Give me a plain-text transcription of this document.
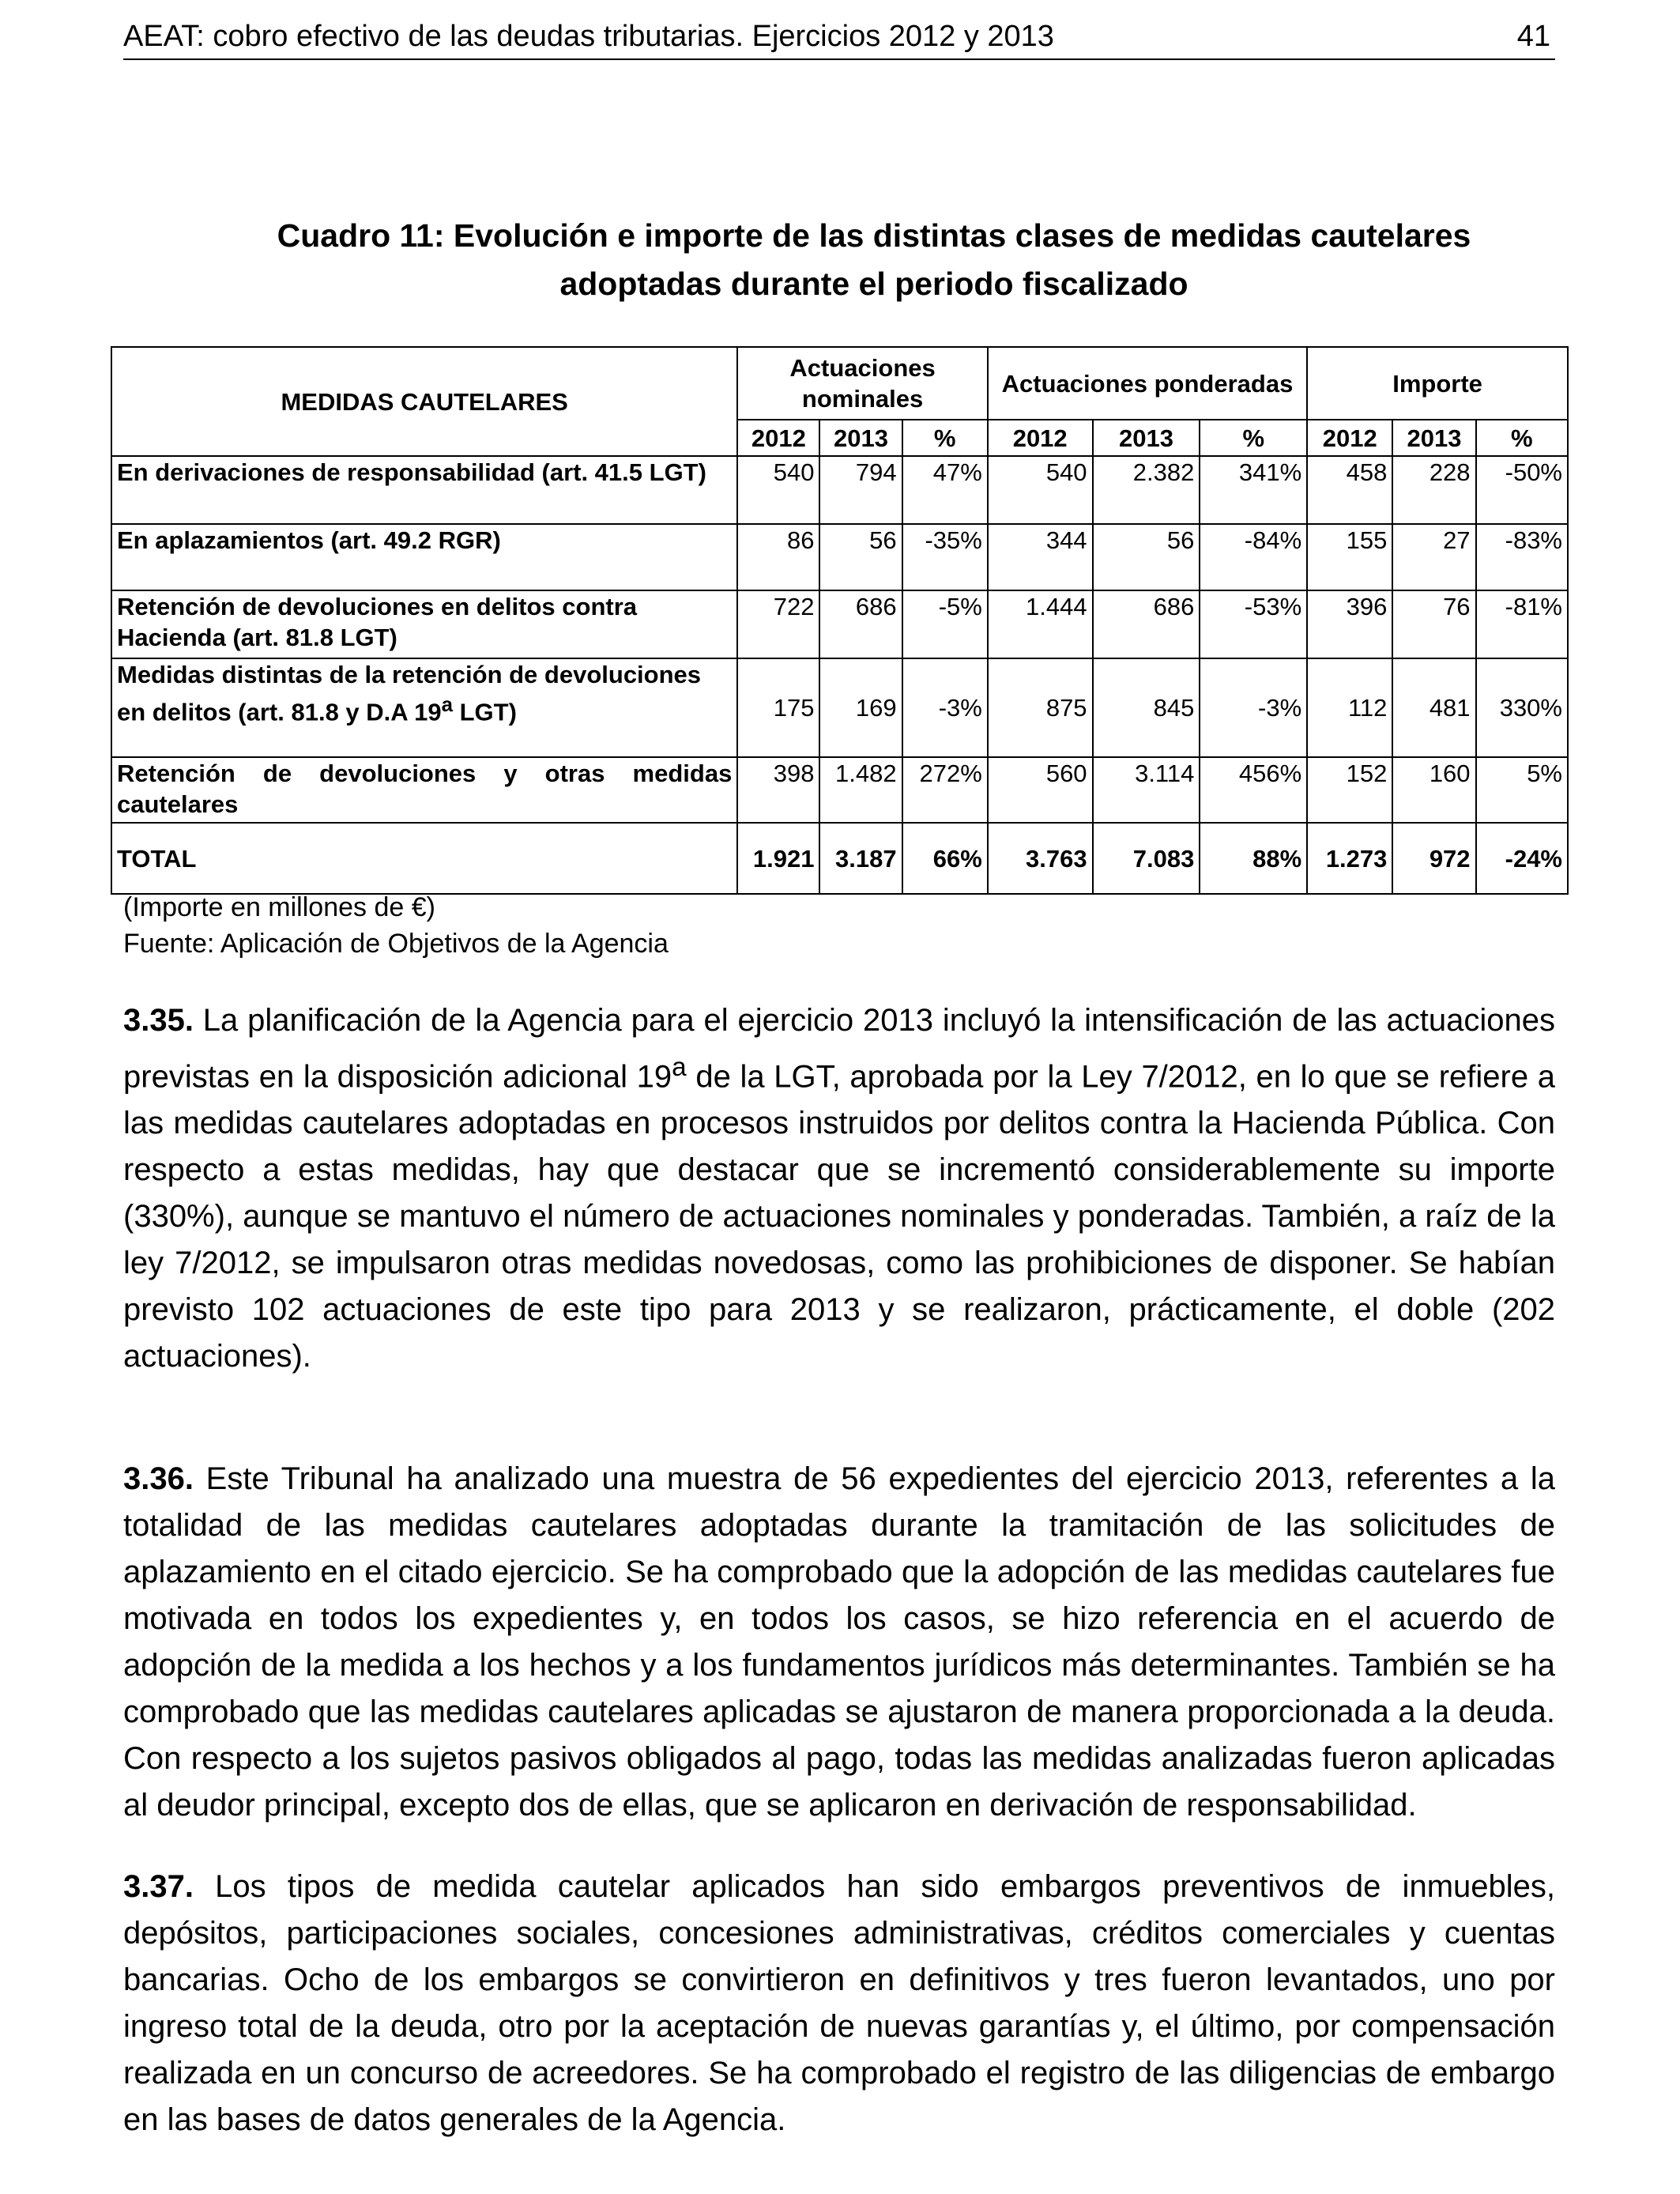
AEAT: cobro efectivo de las deudas tributarias. Ejercicios 2012 y 2013	41
Cuadro 11: Evolución e importe de las distintas clases de medidas cautelares
adoptadas durante el periodo fiscalizado
MEDIDAS CAUTELARES	Actuaciones nominales			Actuaciones ponderadas			Importe		
	2012	2013	%	2012	2013	%	2012	2013	%
En derivaciones de responsabilidad (art. 41.5 LGT)	540	794	47%	540	2.382	341%	458	228	-50%
En aplazamientos (art. 49.2 RGR)	86	56	-35%	344	56	-84%	155	27	-83%
Retención de devoluciones en delitos contra Hacienda (art. 81.8 LGT)	722	686	-5%	1.444	686	-53%	396	76	-81%
Medidas distintas de la retención de devoluciones en delitos (art. 81.8 y D.A 19$^a$ LGT)	175	169	-3%	875	845	-3%	112	481	330%
Retención de devoluciones y otras medidas cautelares	398	1.482	272%	560	3.114	456%	152	160	5%
TOTAL	1.921	3.187	66%	3.763	7.083	88%	1.273	972	-24%
(Importe en millones de €)
Fuente: Aplicación de Objetivos de la Agencia

3.35. La planificación de la Agencia para el ejercicio 2013 incluyó la intensificación de las actuaciones previstas en la disposición adicional 19$^a$ de la LGT, aprobada por la Ley 7/2012, en lo que se refiere a las medidas cautelares adoptadas en procesos instruidos por delitos contra la Hacienda Pública. Con respecto a estas medidas, hay que destacar que se incrementó considerablemente su importe (330%), aunque se mantuvo el número de actuaciones nominales y ponderadas. También, a raíz de la ley 7/2012, se impulsaron otras medidas novedosas, como las prohibiciones de disponer. Se habían previsto 102 actuaciones de este tipo para 2013 y se realizaron, prácticamente, el doble (202 actuaciones).

3.36. Este Tribunal ha analizado una muestra de 56 expedientes del ejercicio 2013, referentes a la totalidad de las medidas cautelares adoptadas durante la tramitación de las solicitudes de aplazamiento en el citado ejercicio. Se ha comprobado que la adopción de las medidas cautelares fue motivada en todos los expedientes y, en todos los casos, se hizo referencia en el acuerdo de adopción de la medida a los hechos y a los fundamentos jurídicos más determinantes. También se ha comprobado que las medidas cautelares aplicadas se ajustaron de manera proporcionada a la deuda. Con respecto a los sujetos pasivos obligados al pago, todas las medidas analizadas fueron aplicadas al deudor principal, excepto dos de ellas, que se aplicaron en derivación de responsabilidad.

3.37. Los tipos de medida cautelar aplicados han sido embargos preventivos de inmuebles, depósitos, participaciones sociales, concesiones administrativas, créditos comerciales y cuentas bancarias. Ocho de los embargos se convirtieron en definitivos y tres fueron levantados, uno por ingreso total de la deuda, otro por la aceptación de nuevas garantías y, el último, por compensación realizada en un concurso de acreedores. Se ha comprobado el registro de las diligencias de embargo en las bases de datos generales de la Agencia.
